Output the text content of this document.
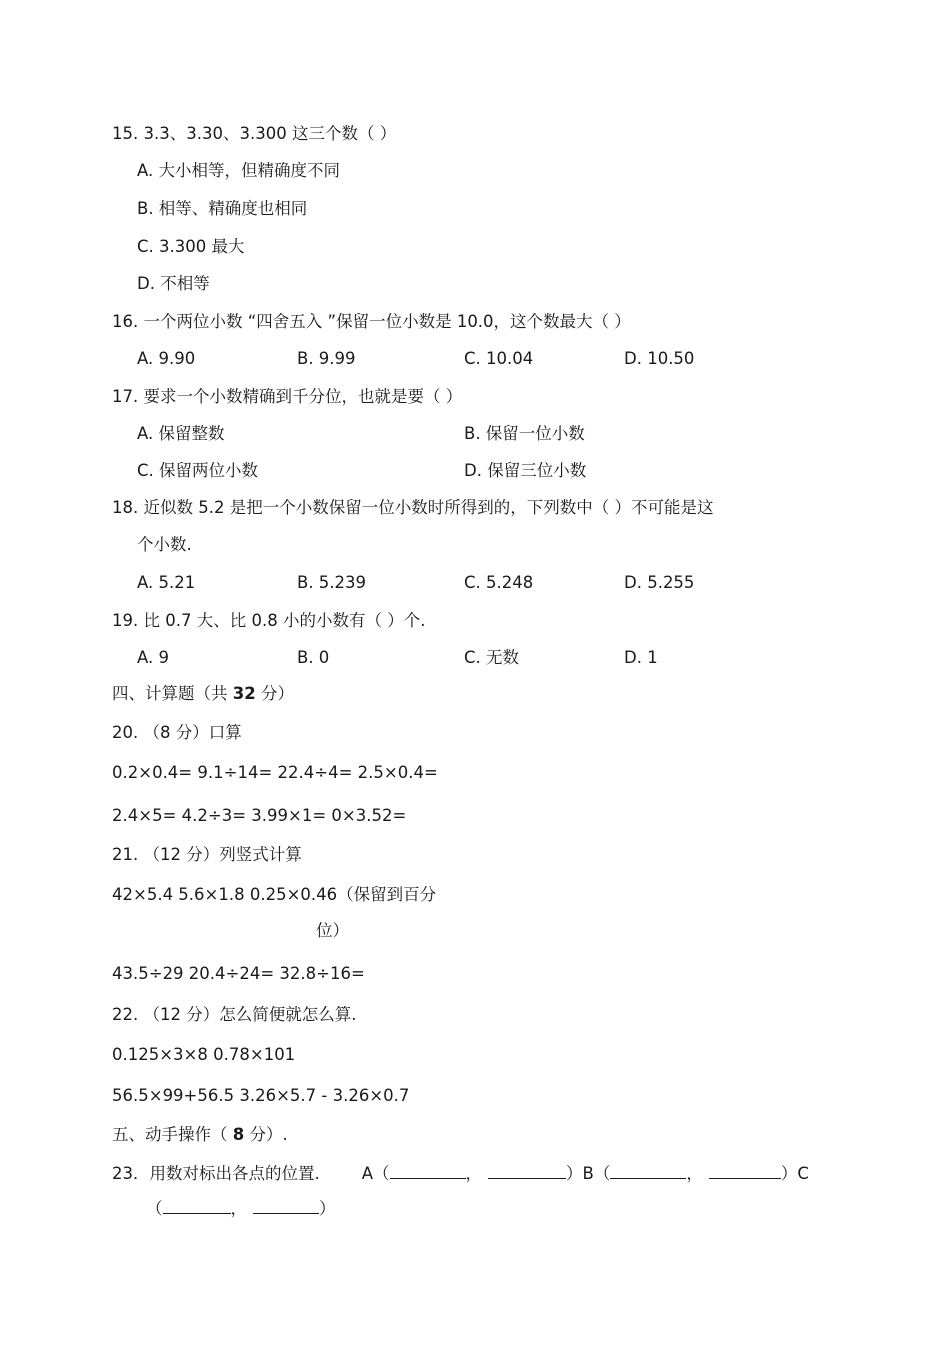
15. 3.3、3.30、3.300 这三个数（ ）
A. 大小相等，但精确度不同
B. 相等、精确度也相同
C. 3.300 最大
D. 不相等
16. 一个两位小数 “四舍五入 ”保留一位小数是 10.0，这个数最大（ ）
A. 9.90	B. 9.99	C. 10.04	D. 10.50
17. 要求一个小数精确到千分位，也就是要（ ）
A. 保留整数	B. 保留一位小数
C. 保留两位小数	D. 保留三位小数
18. 近似数 5.2 是把一个小数保留一位小数时所得到的，下列数中（ ）不可能是这
个小数.
A. 5.21	B. 5.239	C. 5.248	D. 5.255
19. 比 0.7 大、比 0.8 小的小数有（ ）个.
A. 9	B. 0	C. 无数	D. 1
四、计算题（共 32 分）
20. （8 分）口算
0.2×0.4= 9.1÷14= 22.4÷4= 2.5×0.4=
2.4×5= 4.2÷3= 3.99×1= 0×3.52=
21. （12 分）列竖式计算
42×5.4 5.6×1.8 0.25×0.46（保留到百分
位）
43.5÷29 20.4÷24= 32.8÷16=
22. （12 分）怎么简便就怎么算.
0.125×3×8 0.78×101
56.5×99+56.5 3.26×5.7 - 3.26×0.7
五、动手操作（ 8 分）.
23．用数对标出各点的位置.	A（	，	）B（	，	）C
（	，	）
